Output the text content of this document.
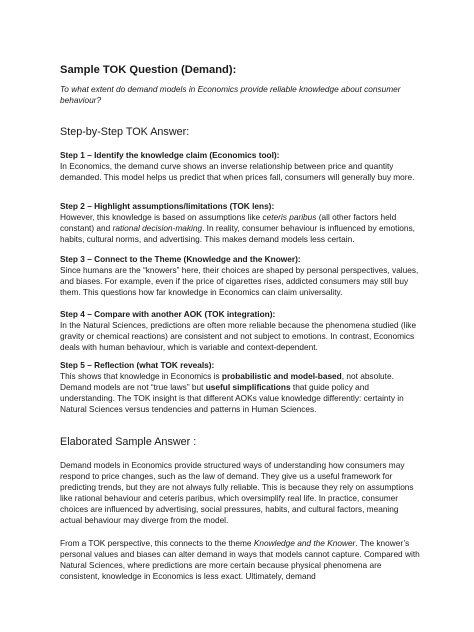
Sample TOK Question (Demand):
To what extent do demand models in Economics provide reliable knowledge about consumer behaviour?
Step-by-Step TOK Answer:
Step 1 – Identify the knowledge claim (Economics tool):
In Economics, the demand curve shows an inverse relationship between price and quantity demanded. This model helps us predict that when prices fall, consumers will generally buy more.
Step 2 – Highlight assumptions/limitations (TOK lens):
However, this knowledge is based on assumptions like ceteris paribus (all other factors held constant) and rational decision-making. In reality, consumer behaviour is influenced by emotions, habits, cultural norms, and advertising. This makes demand models less certain.
Step 3 – Connect to the Theme (Knowledge and the Knower):
Since humans are the “knowers” here, their choices are shaped by personal perspectives, values, and biases. For example, even if the price of cigarettes rises, addicted consumers may still buy them. This questions how far knowledge in Economics can claim universality.
Step 4 – Compare with another AOK (TOK integration):
In the Natural Sciences, predictions are often more reliable because the phenomena studied (like gravity or chemical reactions) are consistent and not subject to emotions. In contrast, Economics deals with human behaviour, which is variable and context-dependent.
Step 5 – Reflection (what TOK reveals):
This shows that knowledge in Economics is probabilistic and model-based, not absolute. Demand models are not “true laws” but useful simplifications that guide policy and understanding. The TOK insight is that different AOKs value knowledge differently: certainty in Natural Sciences versus tendencies and patterns in Human Sciences.
Elaborated Sample Answer :
Demand models in Economics provide structured ways of understanding how consumers may respond to price changes, such as the law of demand. They give us a useful framework for predicting trends, but they are not always fully reliable. This is because they rely on assumptions like rational behaviour and ceteris paribus, which oversimplify real life. In practice, consumer choices are influenced by advertising, social pressures, habits, and cultural factors, meaning actual behaviour may diverge from the model.
From a TOK perspective, this connects to the theme Knowledge and the Knower. The knower’s personal values and biases can alter demand in ways that models cannot capture. Compared with Natural Sciences, where predictions are more certain because physical phenomena are consistent, knowledge in Economics is less exact. Ultimately, demand
